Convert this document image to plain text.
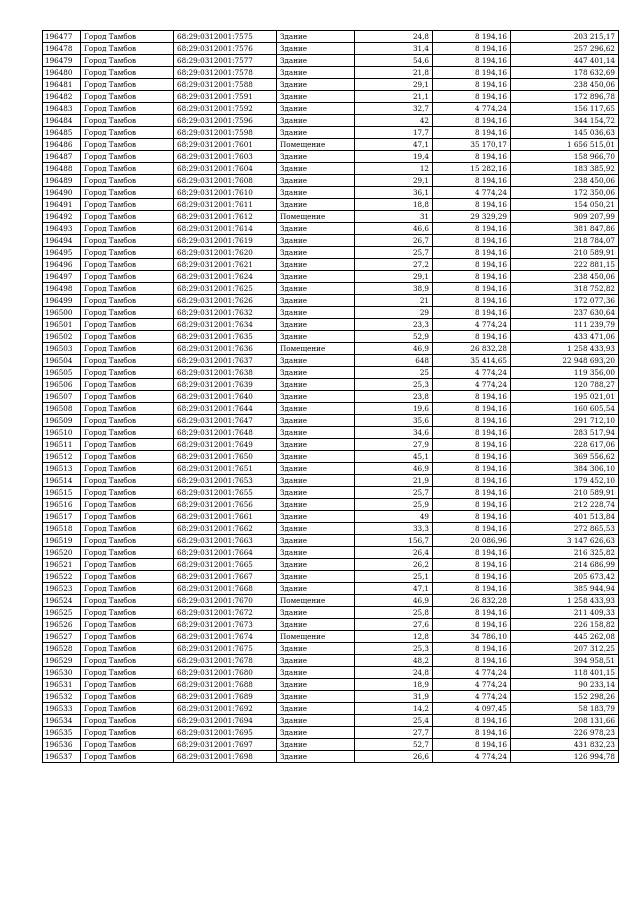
196477	Город Тамбов	68:29:0312001:7575	Здание	24,8	8 194,16	203 215,17
196478	Город Тамбов	68:29:0312001:7576	Здание	31,4	8 194,16	257 296,62
196479	Город Тамбов	68:29:0312001:7577	Здание	54,6	8 194,16	447 401,14
196480	Город Тамбов	68:29:0312001:7578	Здание	21,8	8 194,16	178 632,69
196481	Город Тамбов	68:29:0312001:7588	Здание	29,1	8 194,16	238 450,06
196482	Город Тамбов	68:29:0312001:7591	Здание	21,1	8 194,16	172 896,78
196483	Город Тамбов	68:29:0312001:7592	Здание	32,7	4 774,24	156 117,65
196484	Город Тамбов	68:29:0312001:7596	Здание	42	8 194,16	344 154,72
196485	Город Тамбов	68:29:0312001:7598	Здание	17,7	8 194,16	145 036,63
196486	Город Тамбов	68:29:0312001:7601	Помещение	47,1	35 170,17	1 656 515,01
196487	Город Тамбов	68:29:0312001:7603	Здание	19,4	8 194,16	158 966,70
196488	Город Тамбов	68:29:0312001:7604	Здание	12	15 282,16	183 385,92
196489	Город Тамбов	68:29:0312001:7608	Здание	29,1	8 194,16	238 450,06
196490	Город Тамбов	68:29:0312001:7610	Здание	36,1	4 774,24	172 350,06
196491	Город Тамбов	68:29:0312001:7611	Здание	18,8	8 194,16	154 050,21
196492	Город Тамбов	68:29:0312001:7612	Помещение	31	29 329,29	909 207,99
196493	Город Тамбов	68:29:0312001:7614	Здание	46,6	8 194,16	381 847,86
196494	Город Тамбов	68:29:0312001:7619	Здание	26,7	8 194,16	218 784,07
196495	Город Тамбов	68:29:0312001:7620	Здание	25,7	8 194,16	210 589,91
196496	Город Тамбов	68:29:0312001:7621	Здание	27,2	8 194,16	222 881,15
196497	Город Тамбов	68:29:0312001:7624	Здание	29,1	8 194,16	238 450,06
196498	Город Тамбов	68:29:0312001:7625	Здание	38,9	8 194,16	318 752,82
196499	Город Тамбов	68:29:0312001:7626	Здание	21	8 194,16	172 077,36
196500	Город Тамбов	68:29:0312001:7632	Здание	29	8 194,16	237 630,64
196501	Город Тамбов	68:29:0312001:7634	Здание	23,3	4 774,24	111 239,79
196502	Город Тамбов	68:29:0312001:7635	Здание	52,9	8 194,16	433 471,06
196503	Город Тамбов	68:29:0312001:7636	Помещение	46,9	26 832,28	1 258 433,93
196504	Город Тамбов	68:29:0312001:7637	Здание	648	35 414,65	22 948 693,20
196505	Город Тамбов	68:29:0312001:7638	Здание	25	4 774,24	119 356,00
196506	Город Тамбов	68:29:0312001:7639	Здание	25,3	4 774,24	120 788,27
196507	Город Тамбов	68:29:0312001:7640	Здание	23,8	8 194,16	195 021,01
196508	Город Тамбов	68:29:0312001:7644	Здание	19,6	8 194,16	160 605,54
196509	Город Тамбов	68:29:0312001:7647	Здание	35,6	8 194,16	291 712,10
196510	Город Тамбов	68:29:0312001:7648	Здание	34,6	8 194,16	283 517,94
196511	Город Тамбов	68:29:0312001:7649	Здание	27,9	8 194,16	228 617,06
196512	Город Тамбов	68:29:0312001:7650	Здание	45,1	8 194,16	369 556,62
196513	Город Тамбов	68:29:0312001:7651	Здание	46,9	8 194,16	384 306,10
196514	Город Тамбов	68:29:0312001:7653	Здание	21,9	8 194,16	179 452,10
196515	Город Тамбов	68:29:0312001:7655	Здание	25,7	8 194,16	210 589,91
196516	Город Тамбов	68:29:0312001:7656	Здание	25,9	8 194,16	212 228,74
196517	Город Тамбов	68:29:0312001:7661	Здание	49	8 194,16	401 513,84
196518	Город Тамбов	68:29:0312001:7662	Здание	33,3	8 194,16	272 865,53
196519	Город Тамбов	68:29:0312001:7663	Здание	156,7	20 086,96	3 147 626,63
196520	Город Тамбов	68:29:0312001:7664	Здание	26,4	8 194,16	216 325,82
196521	Город Тамбов	68:29:0312001:7665	Здание	26,2	8 194,16	214 686,99
196522	Город Тамбов	68:29:0312001:7667	Здание	25,1	8 194,16	205 673,42
196523	Город Тамбов	68:29:0312001:7668	Здание	47,1	8 194,16	385 944,94
196524	Город Тамбов	68:29:0312001:7670	Помещение	46,9	26 832,28	1 258 433,93
196525	Город Тамбов	68:29:0312001:7672	Здание	25,8	8 194,16	211 409,33
196526	Город Тамбов	68:29:0312001:7673	Здание	27,6	8 194,16	226 158,82
196527	Город Тамбов	68:29:0312001:7674	Помещение	12,8	34 786,10	445 262,08
196528	Город Тамбов	68:29:0312001:7675	Здание	25,3	8 194,16	207 312,25
196529	Город Тамбов	68:29:0312001:7678	Здание	48,2	8 194,16	394 958,51
196530	Город Тамбов	68:29:0312001:7680	Здание	24,8	4 774,24	118 401,15
196531	Город Тамбов	68:29:0312001:7688	Здание	18,9	4 774,24	90 233,14
196532	Город Тамбов	68:29:0312001:7689	Здание	31,9	4 774,24	152 298,26
196533	Город Тамбов	68:29:0312001:7692	Здание	14,2	4 097,45	58 183,79
196534	Город Тамбов	68:29:0312001:7694	Здание	25,4	8 194,16	208 131,66
196535	Город Тамбов	68:29:0312001:7695	Здание	27,7	8 194,16	226 978,23
196536	Город Тамбов	68:29:0312001:7697	Здание	52,7	8 194,16	431 832,23
196537	Город Тамбов	68:29:0312001:7698	Здание	26,6	4 774,24	126 994,78
